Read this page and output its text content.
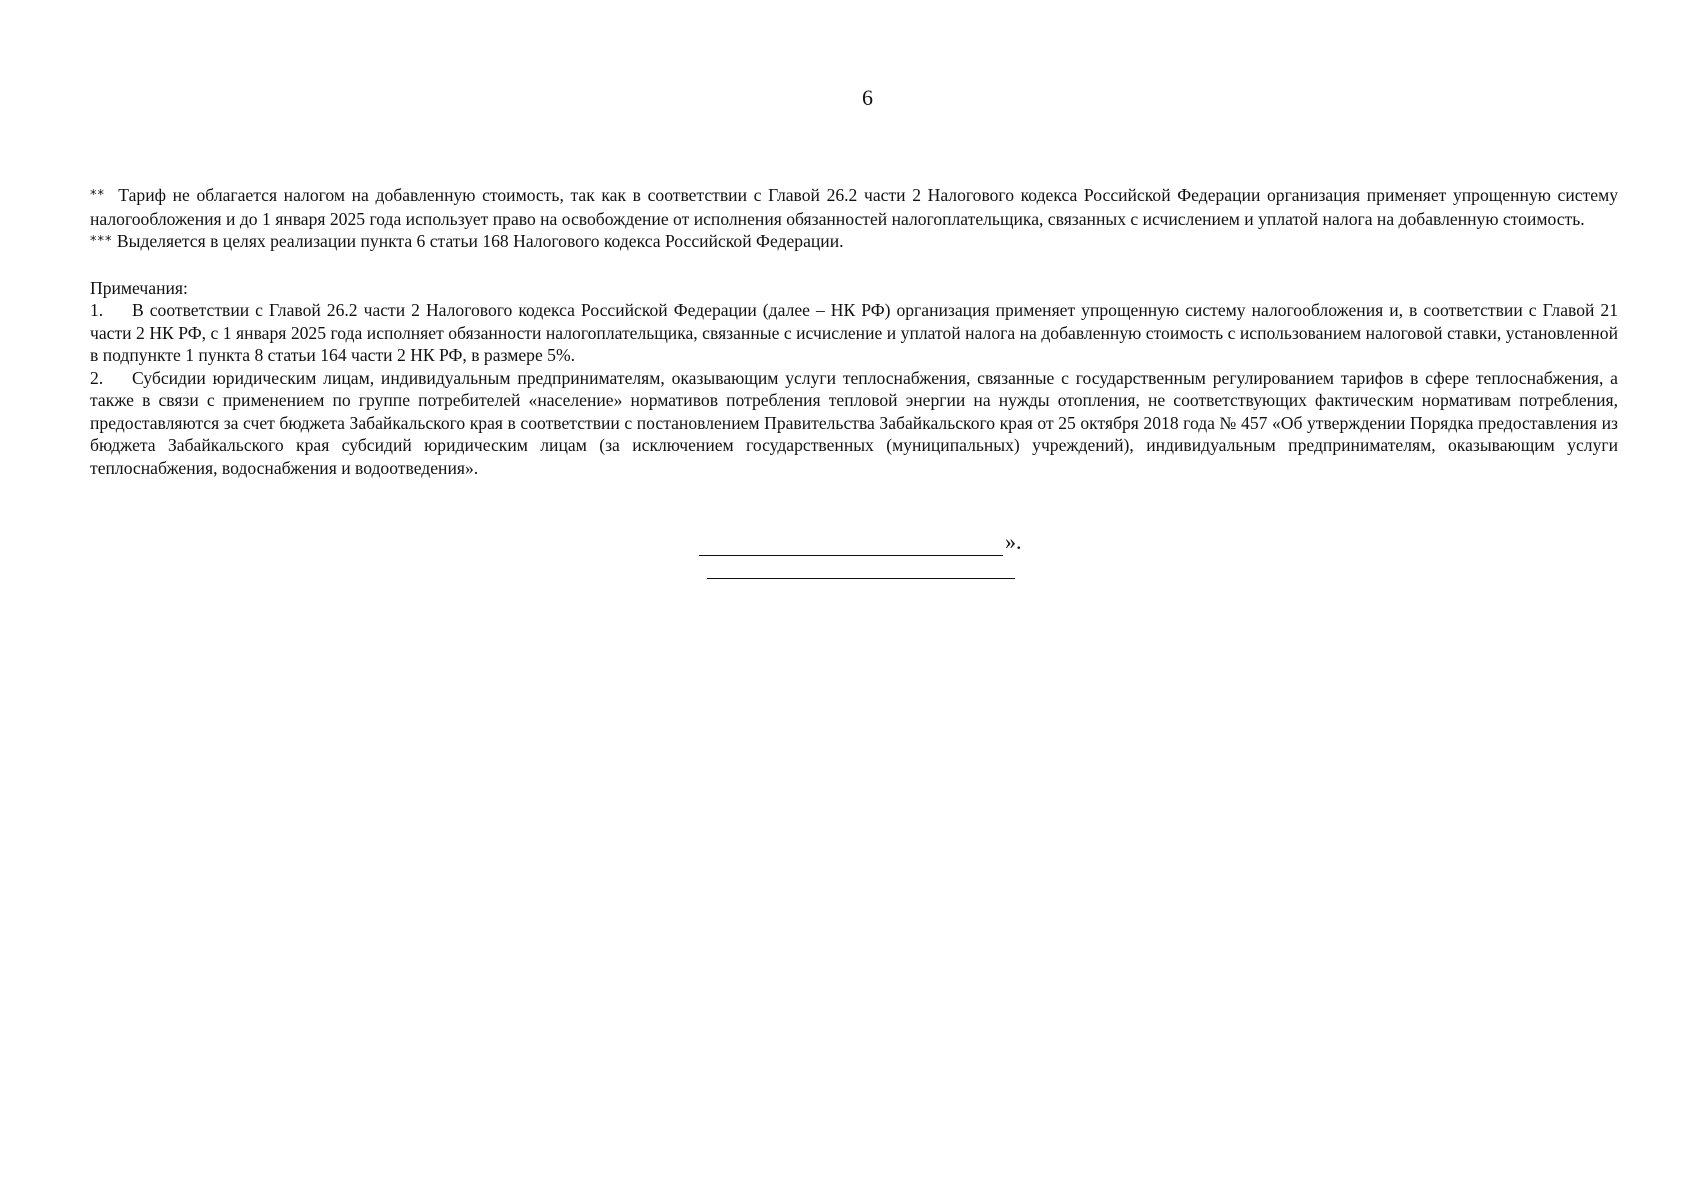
6

** Тариф не облагается налогом на добавленную стоимость, так как в соответствии с Главой 26.2 части 2 Налогового кодекса Российской Федерации организация применяет упрощенную систему налогообложения и до 1 января 2025 года использует право на освобождение от исполнения обязанностей налогоплательщика, связанных с исчислением и уплатой налога на добавленную стоимость.

*** Выделяется в целях реализации пункта 6 статьи 168 Налогового кодекса Российской Федерации.

Примечания:

1. В соответствии с Главой 26.2 части 2 Налогового кодекса Российской Федерации (далее – НК РФ) организация применяет упрощенную систему налогообложения и, в соответствии с Главой 21 части 2 НК РФ, с 1 января 2025 года исполняет обязанности налогоплательщика, связанные с исчисление и уплатой налога на добавленную стоимость с использованием налоговой ставки, установленной в подпункте 1 пункта 8 статьи 164 части 2 НК РФ, в размере 5%.

2. Субсидии юридическим лицам, индивидуальным предпринимателям, оказывающим услуги теплоснабжения, связанные с государственным регулированием тарифов в сфере теплоснабжения, а также в связи с применением по группе потребителей «население» нормативов потребления тепловой энергии на нужды отопления, не соответствующих фактическим нормативам потребления, предоставляются за счет бюджета Забайкальского края в соответствии с постановлением Правительства Забайкальского края от 25 октября 2018 года № 457 «Об утверждении Порядка предоставления из бюджета Забайкальского края субсидий юридическим лицам (за исключением государственных (муниципальных) учреждений), индивидуальным предпринимателям, оказывающим услуги теплоснабжения, водоснабжения и водоотведения».

».
